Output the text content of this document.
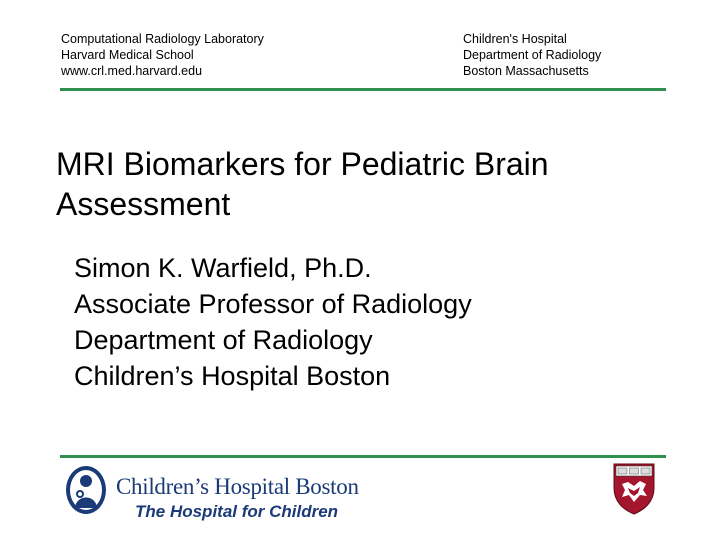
Computational Radiology Laboratory
Harvard Medical School
www.crl.med.harvard.edu
Children's Hospital
Department of Radiology
Boston Massachusetts
MRI Biomarkers for Pediatric Brain
Assessment
Simon K. Warfield, Ph.D.
Associate Professor of Radiology
Department of Radiology
Children’s Hospital Boston
Children’s Hospital Boston
The Hospital for Children
